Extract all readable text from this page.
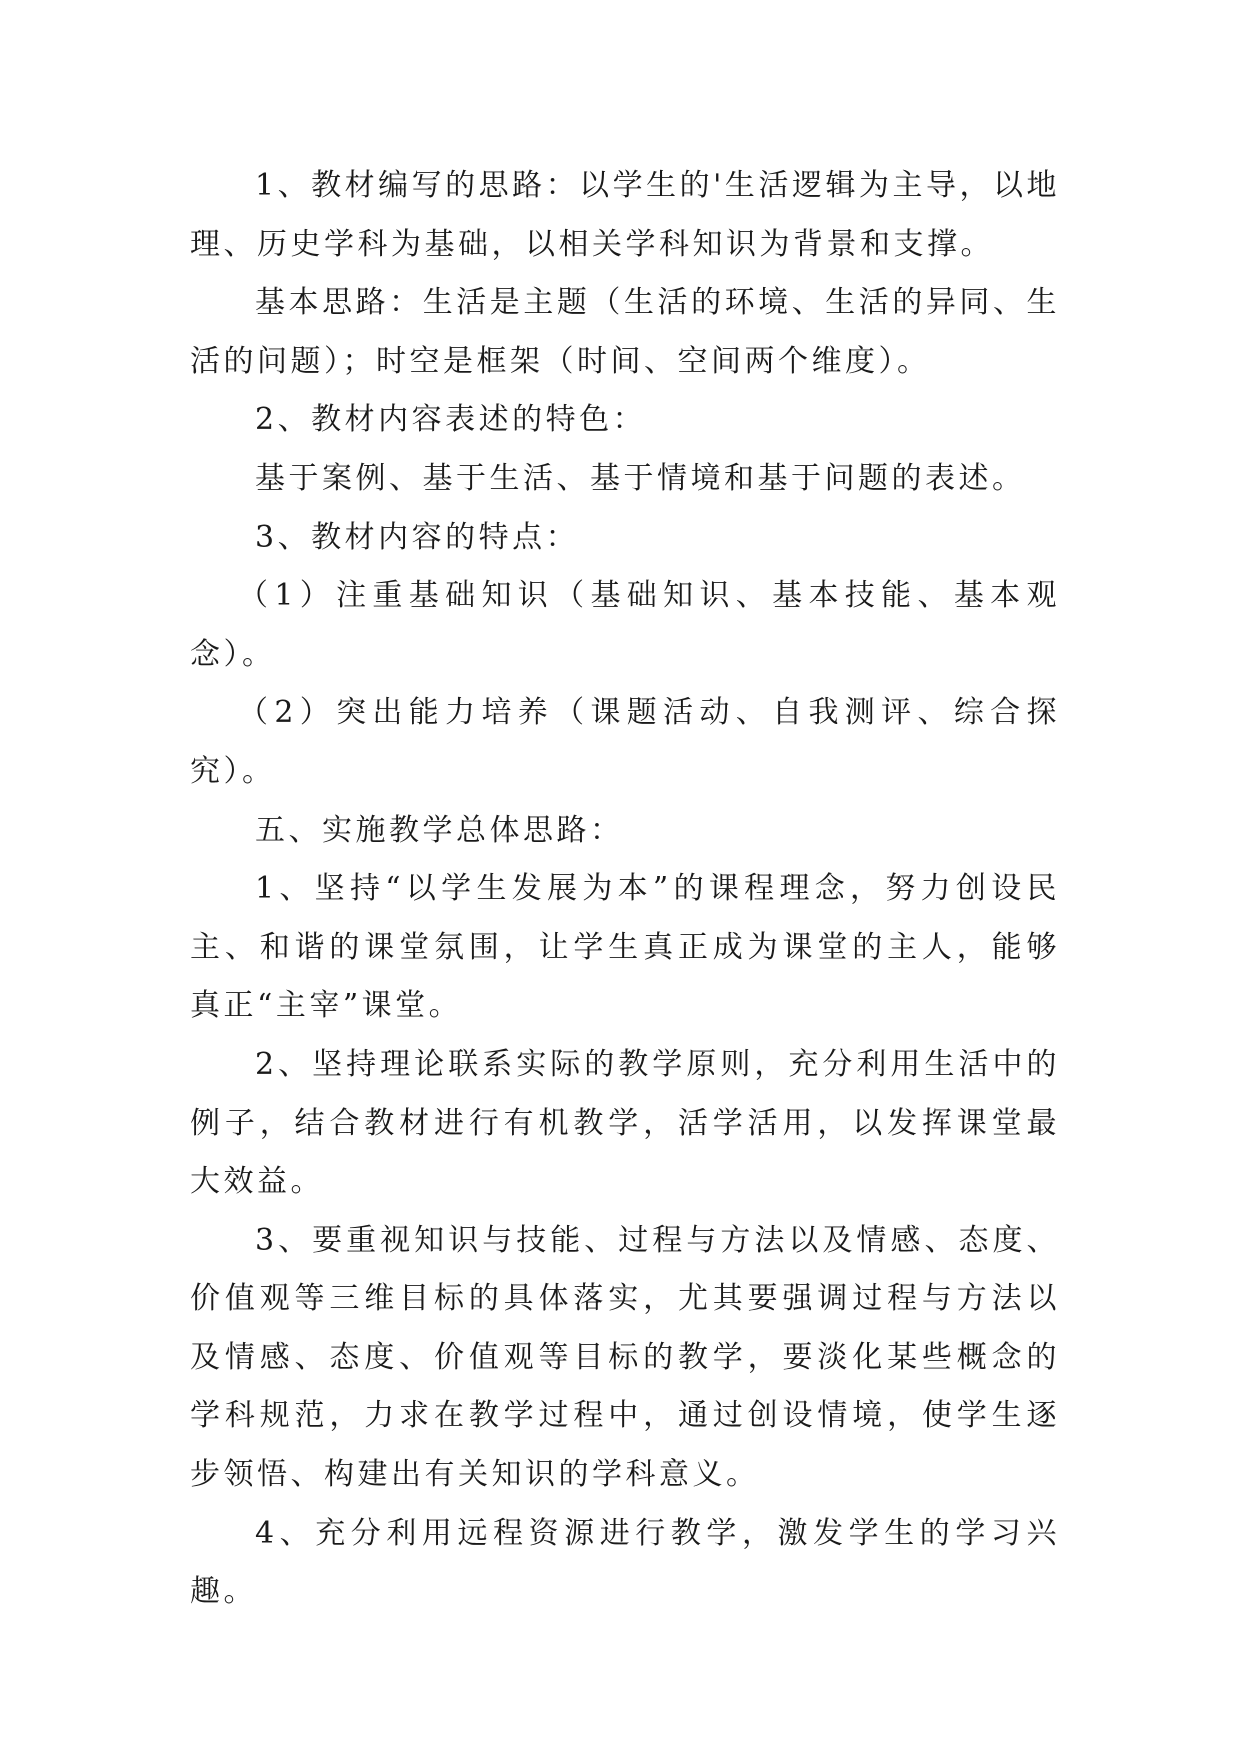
1、教材编写的思路：以学生的'生活逻辑为主导，以地理、历史学科为基础，以相关学科知识为背景和支撑。

基本思路：生活是主题（生活的环境、生活的异同、生活的问题）；时空是框架（时间、空间两个维度）。

2、教材内容表述的特色：

基于案例、基于生活、基于情境和基于问题的表述。

3、教材内容的特点：

（1）注重基础知识（基础知识、基本技能、基本观念）。

（2）突出能力培养（课题活动、自我测评、综合探究）。

五、实施教学总体思路：

1、坚持“以学生发展为本”的课程理念，努力创设民主、和谐的课堂氛围，让学生真正成为课堂的主人，能够真正“主宰”课堂。

2、坚持理论联系实际的教学原则，充分利用生活中的例子，结合教材进行有机教学，活学活用，以发挥课堂最大效益。

3、要重视知识与技能、过程与方法以及情感、态度、价值观等三维目标的具体落实，尤其要强调过程与方法以及情感、态度、价值观等目标的教学，要淡化某些概念的学科规范，力求在教学过程中，通过创设情境，使学生逐步领悟、构建出有关知识的学科意义。

4、充分利用远程资源进行教学，激发学生的学习兴趣。
